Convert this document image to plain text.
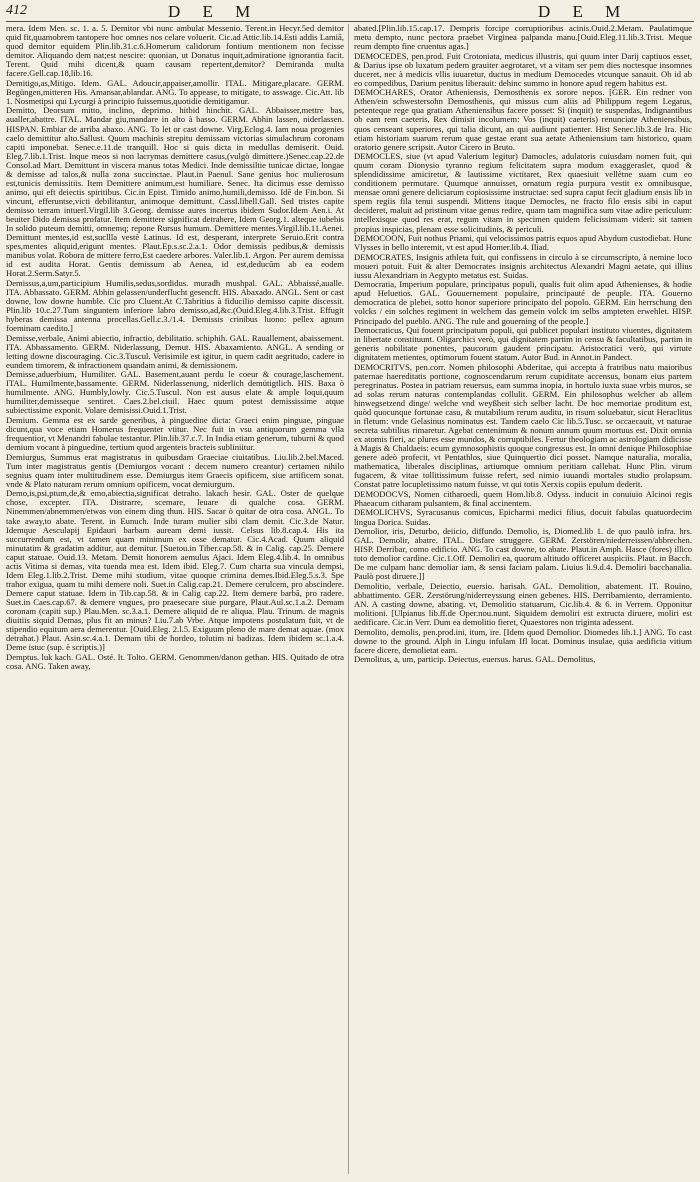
412	D E M	D E M

mera. Idem Men. sc. 1. a. 5. Demitor vbi nunc ambulat Messenio. Terent.in Hecyr.5ed demitor quid fit,quamobrem tantopere hoc omnes nos celare voluerit. Cic.ad Attic.lib.14.Esti addis Lamiā, quod demitor equidem Plin.lib.31.c.6.Homerum calidorum fontium mentionem non fecisse demitor. Aliquando dem nat;est nescire: quonian, ut Donatus inquit,admiratione ignorantia facit. Terent. Quid mihi dicent,& quam causam repertent,demitor? Demiranda multa facere.Gell.cap.18,lib.16.

Demitigo,as,Mitigo. Idem. GAL. Adoucir,appaiser,amollir. ITAL. Mitigare,placare. GERM. Begüngen,mitteren His. Amansar,ablandar. ANG. To appease, to mitigate, to asswage. Cic.Att. lib 1. Nosmetipsi qui Lycurgi à principio fuissemus,quotidie demitigamur.

Demitto, Deorsum mitto, inclino, deprimo. hitbid hinchit. GAL. Abbaisser,mettre bas, aualler,abattre. ITAL. Mandar giu,mandare in alto à basso. GERM. Abhin lassen, niderlassen. HISPAN. Embiar de arriba abaxo. ANG. To let or cast downe. Virg.Eclog.4. Iam noua progenies caelo demittitur alto.Sallust. Quum machinis strepitu demissam victorias simulachrum coronam capiti imponebat. Senec.e.11.de tranquill. Hoc si quis dicta in medullas demiserit. Ouid. Eleg.7.lib.1.Trist. Inque meos si non lacrymas demittere casus,(vulgò dimittere.)Senec.cap.22.de Consol.ad Mart. Demittunt in viscera manus totas Medici. Inde demissiltie tunicae dictae, longae & demisse ad talos,& nulla zona succinctae. Plaut.in Paenul. Sane genius hoc mulierosum est,tunicis demissitiis. Item Demittere animum,est humiliare. Senec. Ita dicimus esse demisso animo, qui eft deiectis spiritibus. Cic.in Epist. Timido animo,humili,demisso. Idē de Fin.bon. Si vincunt, efferuntse,victi debilitantur, animoque demittunt. Cassl.libell.Gall. Sed tristes capite demisso terram intuerl.Virgil.lib 3.Georg. demisse aures incertus ibidem Sudor.Idem Aen.i. At beuiter Dido demissa profatur. Item demittere significat detrahere, Idem Georg.1. alteque iubebis In solido puteum demitti, omnemq; repone Rursus humum. Demittere mentes.Virgil.lib.11.Aenei. Demittunt mentes,id est,sucllla vestè Latinus. Id est, desperant, interprete Seruio.Erit contra spes,mentes aliquid,erigunt mentes. Plaut.Ep.s.sc.2.a.1. Odor demissis pedibus,& demissis manibus volat. Robora de mittere ferro,Est caedere arbores. Valer.lib.1. Argon. Per aurem demissa id est audita Horat. Gentis demissum ab Aenea, id est,deducūm ab ea eodem Horat.2.Serm.Satyr.5.

Demissus,a,um,participium Humilis,sedus,sordidus. muradh mushpal. GAL. Abbaissé,aualle. ITA. Abbassato. GERM. Abhin gelassen/underflucht gesencft. HIS. Abaxado. ANGL. Sent or cast downe, low downe humble. Cic pro Cluent.At C.Tabritius à fiducilio demisso capite discessit. Plin.lib 10.c.27.Tum singuntem inferiore labro demisso,ad,&c.(Ouid.Eleg.4.lib.3.Trist. Effugit hyberas demissa antenna procellas.Gell.c.3./1.4. Demissis crinibus luono: pellex agnum foeminam caedito.]

Demisse,verbale, Animi abiectio, infractio, debilitatio. schiphih. GAL. Rauallement, abaissement. ITA. Abbassamento. GERM. Niderlassung, Demut. HIS. Abaxamiento. ANGL. A sending or letting downe discouraging. Cic.3.Tuscul. Verisimile est igitur, in quem cadit aegritudo, cadere in eundem timorem, & infractionem quandam animi, & demissionem.

Demisse,aduerbium, Humiliter. GAL. Basement,auant perdu le coeur & courage,laschement. ITAL. Humilmente,bassamente. GERM. Niderlassenung, niderlich demütigtlich. HIS. Baxa ò humilmente. ANG. Humbly,lowly. Cic.5.Tuscul. Non est ausus elate & ample loqui,quum humiliter,demisseque sentiret. Caes.2.bel.ciuil. Haec quum potest demississime atque subiectissime exponit. Volare demisissi.Ouid.1.Trist.

Demium. Gemma est ex sarde generibus, à pinguedine dicta: Graeci enim pinguae, pinguae dicunt,qua voce etiam Homerus frequenter vtitur. Nec fuit in vsu antiquorum gemma vlla frequentior, vt Menandri fabulae testantur. Plin.lib.37.c.7. In India etiam generum, tuburni & quod demium vocant à pinguedine, tertium quod argenteis bracteis subliniitur.

Demiurgus, Summus erat magistratus in quibusdam Graeciae ciuitatibus. Liu.lib.2.bel.Maced. Tum inter magistratus gentis (Demiurgos vocant : decem numero creantur) certamen nihilo segnius quam inter multitudinem esse. Demiurgus item Graecis opificem, siue artificem sonat. vnde & Plato naturam rerum omnium opificem, vocat demiurgum.

Demo,is,psi,ptum,de,& emo,abiectia,significat detraho. lakach hesir. GAL. Oster de quelque chose, excepter. ITA. Distrarre, scemare, leuare di qualche cosa. GERM. Ninemmen/abnemmen/etwas von einem ding thun. HIS. Sacar ò quitar de otra cosa. ANGL. To take away,to abate. Terent. in Eunuch. Inde turam mulier sibi clam demit. Cic.3.de Natur. Idemque Aesculapij Epidauri barbam auream demi iussit. Celsus lib.8.cap.4. His ita succurrendum est, vt tamen quam minimum ex osse dematur. Cic.4.Acad. Quum aliquid minutatim & gradatim additur, aut demitur. [Suetou.in Tiber.cap.58. & in Calig. cap.25. Demere caput statuae. Ouid.13. Metam. Demit honorem aemulus Ajaci. Idem Eleg.4.lib.4. In omnibus actis Vitima si demas, vita tuenda mea est. Idem ibid. Eleg.7. Cum charta sua vincula dempsi, Idem Eleg.1.lib.2.Trist. Deme mihi studium, vitae quoque crimina demes.Ibid.Eleg.5.s.3. Spe trahor exigua, quam tu mihi demere noli. Suet.in Calig.cap.21. Demere cerulcem, pro abscindere. Demere caput statuae. Idem in Tib.cap.58. & in Calig cap.22. Item demere barbā, pro radere. Suet.in Caes.cap.67. & demere vngues, pro praesecare siue purgare, Plaut.Aul.sc.1.a.2. Demam coronam (capiti sup.) Plau.Men. sc.3.a.1. Demere aliquid de re aliqua. Plau. Trinum. de magnis diuitiis siquid Demas, plus fit an minus? Liu.7.ab Vrbe. Atque impotens postulatum fuit, vt de stipendio equitum aera demerentur. [Ouid.Eleg. 2.l.5. Exiguum pleno de mare demat aquae. (mox detrahat.) Plaut. Asin.sc.4.a.1. Demam tibi de hordeo, tolutim ni badizas. Idem ibidem sc.1.a.4. Deme istuc (sup. è scriptis.)]

Demptus. luk kach. GAL. Osté. It. Tolto. GERM. Genommen/danon gethan. HIS. Quitado de otra cosa. ANG. Taken away,

abated.[Plin.lib.15.cap.17. Dempris forcipe corruptioribus acinis.Ouid.2.Metam. Paulatimque metu dempto, nunc pectora praebet Virginea palpanda manu.[Ouid.Eleg.11.lib.3.Trist. Meque reum dempto fine cruentus agas.]

DEMOCEDES, pen.prod. Fuit Crotoniata, medicus illustris, qui quum inter Darij captiuos esset, & Darius ipse ob luxatum pedem grauiter aegrotaret, vt a vitam ser pem dies noctesque insomnes duceret, nec à medicis vllis iuuaretur, ductus in medium Democedes vtcunque sanauit. Ob id ab eo compedibus, Darium penitus liberauit: dehinc summo in honore apud regem habitus est.

DEMOCHARES, Orator Atheniensis, Demosthenis ex sorore nepos. [GER. Ein redner von Athen/ein schwestersohn Demosthenis, qui missus cum aliis ad Philippum regem Legatus, petenteque rege qua gratiam Atheniensibus facere posset: Si (inquit) te suspendas, Indignantibus ob eam rem caeteris, Rex dimisit incolumem: Vos (inquit) caeteris) renunciate Atheniensibus, quos censeant superiores, qui talia dicunt, an qui audiunt patienter. Hist Senec.lib.3.de Ira. Hic etiam historiam suarum rerum quae gestae erant sua aetate Atheniensium tam historico, quam oratorio genere scripsit. Autor Cicero in Bruto.

DEMOCLES, siue (vt apud Valerium legitur) Damocles, adulatoris cuiusdam nomen fuit, qui quum coram Dionysio tyranno regium felicitatem supra modum exaggeraslet, quod & splendidissime amiciretur, & lautissime victitaret, Rex quaesiuit vellètne suam cum eo conditionem permutare. Quumque annuisset, ornatum regia purpura vestit ex omnibusque, mensae omni genere deliciarum copiosissime instructae: sed supra caput fecit gladium ensis lib in spem regiis fila tenui suspendi. Mittens itaque Democles, ne fracto filo ensis sibi in caput decideret, maluit ad pristinum vitae genus redire, quam tam magnifica sum vitae adire periculum: intellexisque quod res erat, regum vitam in specimen quidem felicissimam videri: sit tamen propius inspicias, plenam esse solicitudinis, & periculi.

DEMOCOON, Fuit nothus Priami, qui velocissimos patris equos apud Abydum custodiebat. Hunc Vlysses in bello interemit, vt est apud Homer.lib.4. Iliad.

DEMOCRATES, Insignis athleta fuit, qui confissens in circulo à se circumscripto, à nemine loco moueri potuit. Fuit & alter Democrates insignis architectus Alexandri Magni aetate, qui illius iussu Alexandriam in Aegypto metatus est. Suidas.

Democratia, Imperium populare, principatus populi, qualis fuit olim apud Athenienses, & hodie apud Heluetios. GAL. Gouuernement populaire, principauté de peuple. ITA. Gouerno democratica de plebei, sotto honor superiore principato del popolo. GERM. Ein herrschung den volcks / ein solches regiment in welchem das gemein volck im selbs ampteten erwehlet. HISP. Principado del pueblo. ANG. The rule and gouerning of the people.]

Democraticus, Qui fouent principatum populi, qui publicet populari instituto viuentes, dignitatem in libertate constituunt. Oligarchici verò, qui dignitatem partim in censu & facultatibus, partim in generis nobilitate ponentes, paucorum gaudent principatu. Aristocratici verò, qui virtute dignitatem metientes, optimorum fouent statum. Autor Bud. in Annot.in Pandect.

DEMOCRITVS, pen.corr. Nomen philosophi Abderitae, qui accepta à fratribus natu maioribus paternae haereditatis portione, cognoscendarum rerum cupiditate accensus, bonam eius partem peregrinatus. Postea in patriam reuersus, eam summa inopia, in hortulo iuxta suae vrbis muros, se ad solas rerum naturas contemplandas collulit. GERM. Ein philosophus welcher ab allem hinwegsetzend dinge/ welche vnd weyßheit sich selber lacht. De hoc memoriae proditum est, quòd quocunque fortunae casu, & mutabilium rerum auditu, in risum soluebatur, sicut Heraclitus in fletum: vnde Gelasinus nominatus est. Tandem caelo Cic lib.5.Tusc. se occaecauit, vt naturae secreta subtilius rimaretur. Agebat centenimum & nonum annum quum mortuus est. Dixit omnia ex atomis fieri, ac plures esse mundos, & corruptibiles. Fertur theologiam ac astrologiam didicisse à Magis & Chaldaeis: ecum gymnosophistis quoque congressus est. In omni denique Philosophiae genere adeò profecit, vt Pentathlos, siue Quinquertio dici posset. Namque naturalia, moralia, mathematica, liberales disciplinas, artiumque omnium peritiam callebat. Hunc Plin. virum fugacem, & vitae tollitissimum fuisse refert, sed nimio iuuandi mortales studio prolapsum. Constat patre locupletissimo natum fuisse, vt qui totis Xerxis copiis epulum dederit.

DEMODOCVS, Nomen citharoedi, quem Hom.lib.8. Odyss. inducit in conuiuio Alcinoi regis Phaeacum citharam pulsantem, & final accinentem.

DEMOLICHVS, Syracusanus comicus, Epicharmi medici filius, docuit fabulas quatuordecim lingua Dorica. Suidas.

Demolior, iris, Deturbo, deiicio, diffundo. Demolio, is, Diomed.lib 1. de quo paulò infra. hrs. GAL. Demolir, abatre. ITAL. Disfare struggere. GERM. Zerstören/niederreissen/abbrechen. HISP. Derribar, como edificio. ANG. To cast downe, to abate. Plaut.in Amph. Hasce (fores) illico toto demolior cardine. Cic.1.Off. Demoliri ea, quorum altitudo officeret auspiciis. Plaut. in Bacch. De me culpam hanc demoliar iam, & sensi faciam palam. Liuius li.9.d.4. Demoliri bacchanalia. Paulò post diruere.]]

Demolitio, verbale, Deiectio, euersio. harisah. GAL. Demolition, abatement. IT. Rouino, abbattimento. GER. Zerstörung/niderreyssung einen gebenes. HIS. Derribamiento, derramiento. AN. A casting downe, abating. vt, Demolitio statuarum, Cic.lib.4. & 6. in Verrem. Opponitur molitioni. [Ulpianus lib.ff.de Oper.nou.nunt. Siquidem demoliri est extructa diruere, moliri est aedificare. Cic.in Verr. Dum ea demolitio fieret, Quaestores non triginta adessent.

Demolito, demolis, pen.prod.ini, itum, ire. [Idem quod Demolior. Diomedes lib.1.] ANG. To cast downe to the ground. Alph in Lingu infulam Ifl locat. Dominus insulae, quia aedificia vitium facere dicere, demolietat eam.

Demolitus, a, um, particip. Deiectus, euersus. harus. GAL. Demolitus,
